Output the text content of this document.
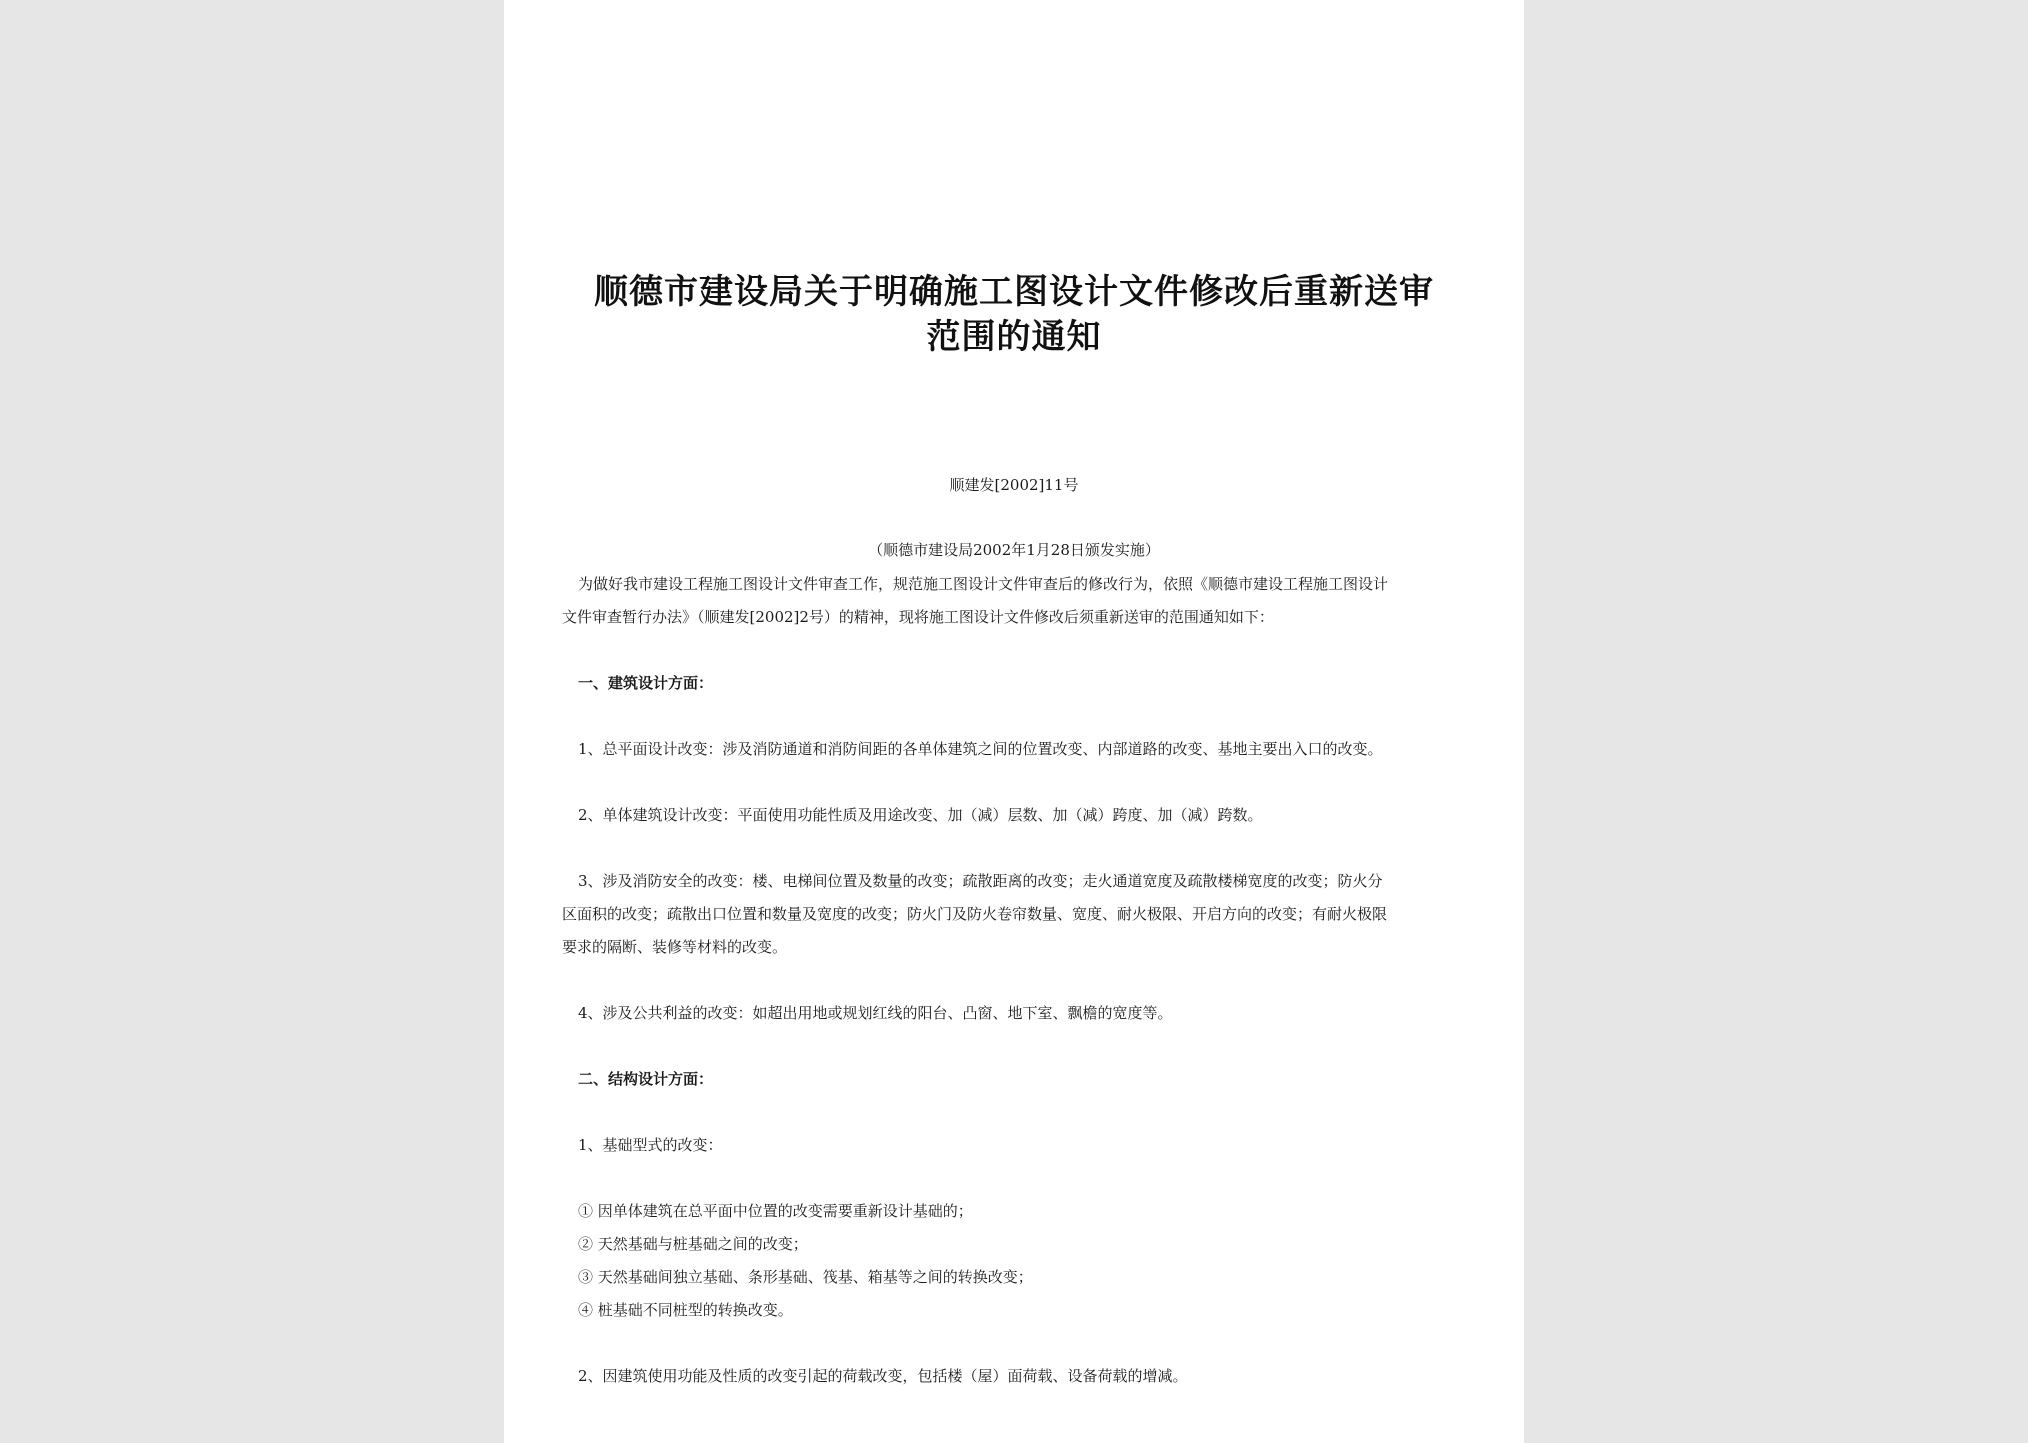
顺德市建设局关于明确施工图设计文件修改后重新送审
范围的通知
顺建发[2002]11号
（顺德市建设局2002年1月28日颁发实施）
为做好我市建设工程施工图设计文件审查工作，规范施工图设计文件审查后的修改行为，依照《顺德市建设工程施工图设计
文件审查暂行办法》（顺建发[2002]2号）的精神，现将施工图设计文件修改后须重新送审的范围通知如下：
一、建筑设计方面：
1、总平面设计改变：涉及消防通道和消防间距的各单体建筑之间的位置改变、内部道路的改变、基地主要出入口的改变。
2、单体建筑设计改变：平面使用功能性质及用途改变、加（减）层数、加（减）跨度、加（减）跨数。
3、涉及消防安全的改变：楼、电梯间位置及数量的改变；疏散距离的改变；走火通道宽度及疏散楼梯宽度的改变；防火分
区面积的改变；疏散出口位置和数量及宽度的改变；防火门及防火卷帘数量、宽度、耐火极限、开启方向的改变；有耐火极限
要求的隔断、装修等材料的改变。
4、涉及公共利益的改变：如超出用地或规划红线的阳台、凸窗、地下室、飘檐的宽度等。
二、结构设计方面：
1、基础型式的改变：
① 因单体建筑在总平面中位置的改变需要重新设计基础的；
② 天然基础与桩基础之间的改变；
③ 天然基础间独立基础、条形基础、筏基、箱基等之间的转换改变；
④ 桩基础不同桩型的转换改变。
2、因建筑使用功能及性质的改变引起的荷载改变，包括楼（屋）面荷载、设备荷载的增减。
